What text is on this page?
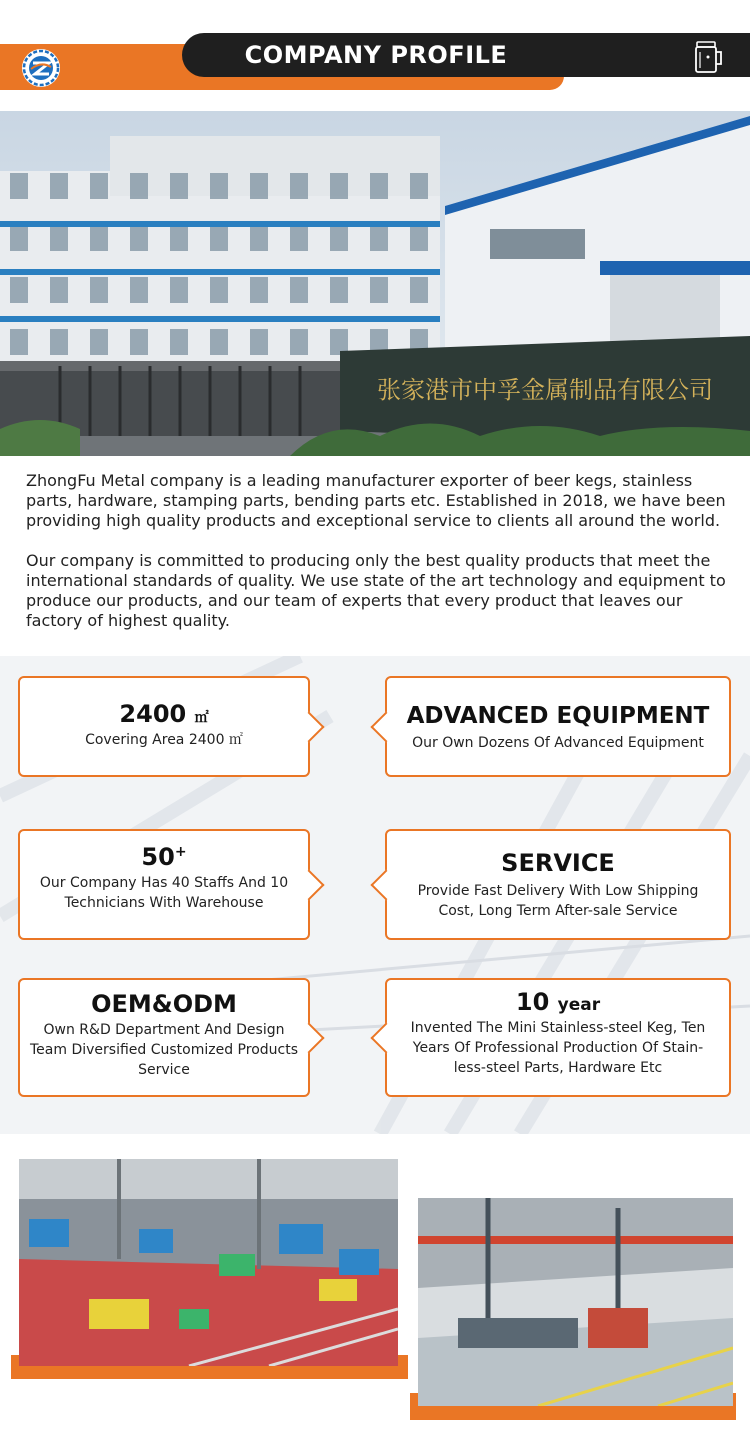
COMPANY PROFILE
张家港市中孚金属制品有限公司

ZhongFu Metal company is a leading manufacturer exporter of beer kegs, stainless parts, hardware, stamping parts, bending parts etc. Established in 2018, we have been providing high quality products and exceptional service to clients all around the world.

Our company is committed to producing only the best quality products that meet the international standards of quality. We use state of the art technology and equipment to produce our products, and our team of experts that every product that leaves our factory of highest quality.

2400 ㎡
Covering Area 2400 ㎡
ADVANCED EQUIPMENT
Our Own Dozens Of Advanced Equipment
50+
Our Company Has 40 Staffs And 10 Technicians With Warehouse
SERVICE
Provide Fast Delivery With Low Shipping Cost, Long Term After-sale Service
OEM&ODM
Own R&D Department And Design Team Diversified Customized Products Service
10 year
Invented The Mini Stainless-steel Keg, Ten Years Of Professional Production Of Stain- less-steel Parts, Hardware Etc
